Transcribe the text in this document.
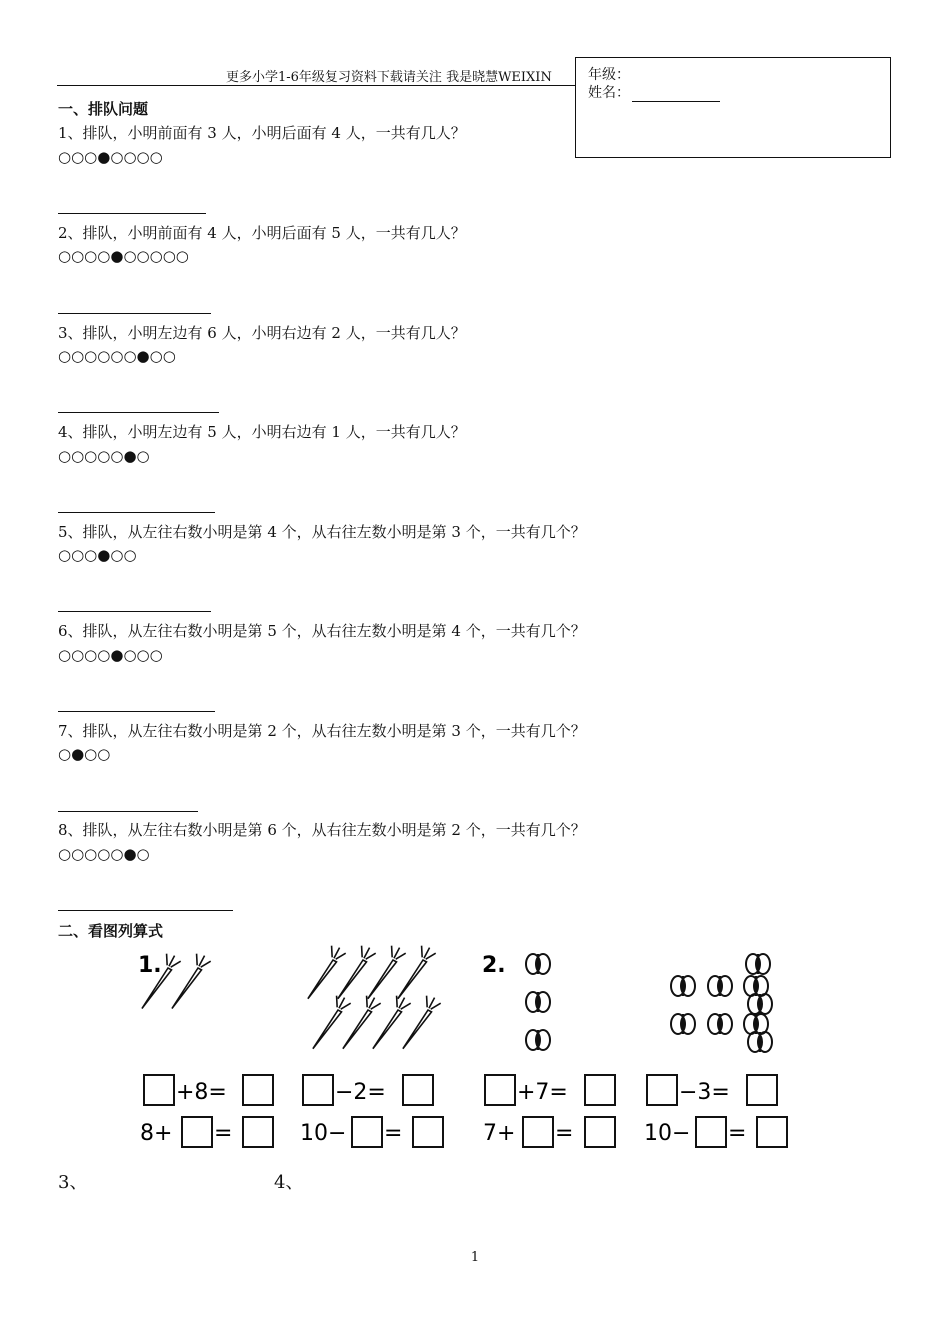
更多小学1-6年级复习资料下载请关注 我是晓慧WEIXIN	年级：
姓名：
一、排队问题
1、排队，小明前面有 3 人，小明后面有 4 人，一共有几人？
○○○●○○○○
2、排队，小明前面有 4 人，小明后面有 5 人，一共有几人？
○○○○●○○○○○
3、排队，小明左边有 6 人，小明右边有 2 人，一共有几人？
○○○○○○●○○
4、排队，小明左边有 5 人，小明右边有 1 人，一共有几人？
○○○○○●○
5、排队，从左往右数小明是第 4 个，从右往左数小明是第 3 个，一共有几个？
○○○●○○
6、排队，从左往右数小明是第 5 个，从右往左数小明是第 4 个，一共有几个？
○○○○●○○○
7、排队，从左往右数小明是第 2 个，从右往左数小明是第 3 个，一共有几个？
○●○○
8、排队，从左往右数小明是第 6 个，从右往左数小明是第 2 个，一共有几个？
○○○○○●○
二、看图列算式
1.	2.
+8=	−2=	+7=	−3=
8+ =	10− =	7+ =	10− =
3、	4、
1
